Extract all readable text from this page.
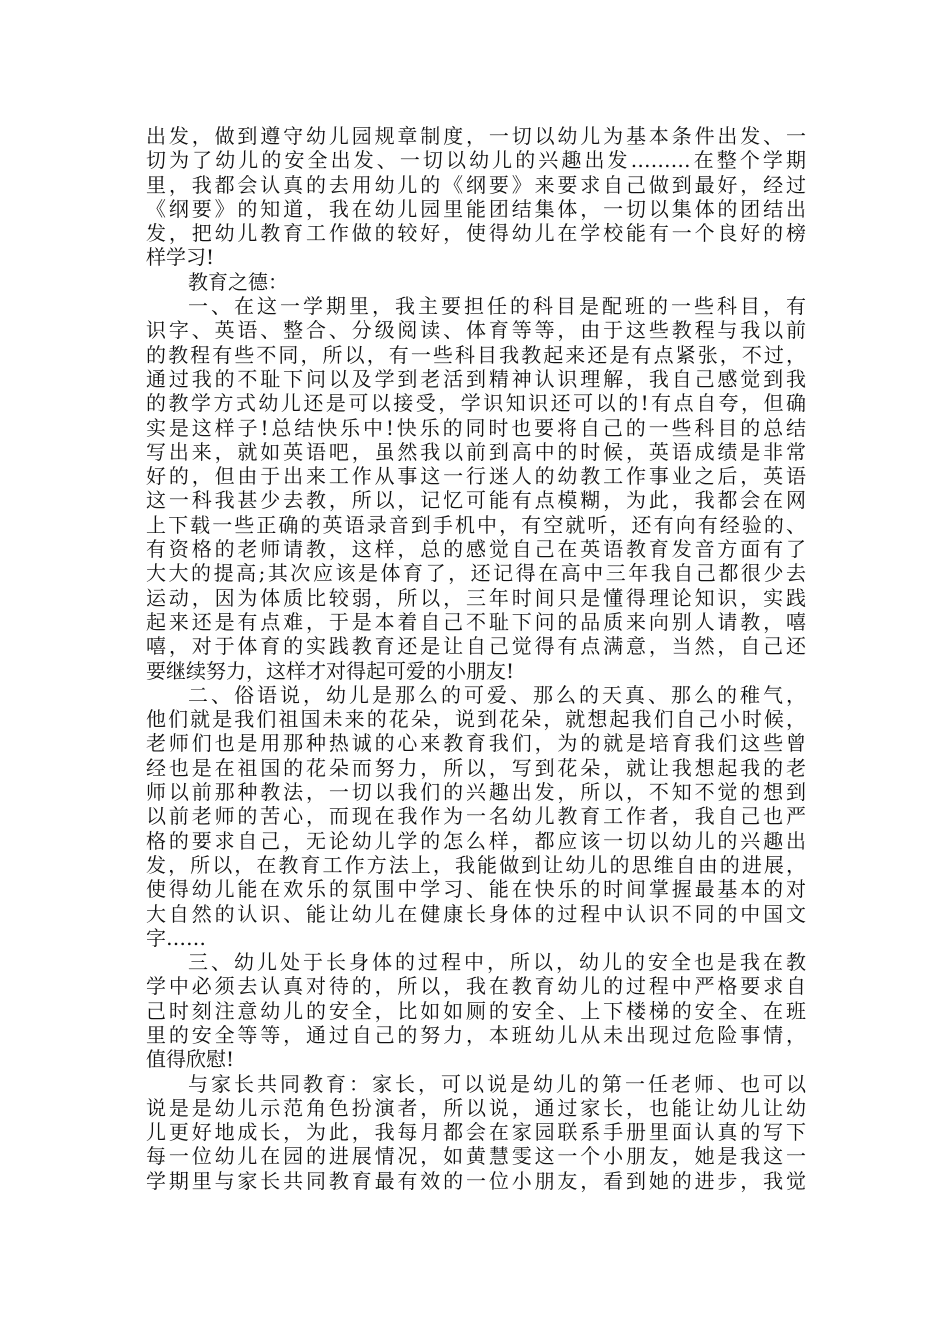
出发，做到遵守幼儿园规章制度，一切以幼儿为基本条件出发、一
切为了幼儿的安全出发、一切以幼儿的兴趣出发………在整个学期
里，我都会认真的去用幼儿的《纲要》来要求自己做到最好，经过
《纲要》的知道，我在幼儿园里能团结集体，一切以集体的团结出
发，把幼儿教育工作做的较好，使得幼儿在学校能有一个良好的榜
样学习!
教育之德：
一、在这一学期里，我主要担任的科目是配班的一些科目，有
识字、英语、整合、分级阅读、体育等等，由于这些教程与我以前
的教程有些不同，所以，有一些科目我教起来还是有点紧张，不过，
通过我的不耻下问以及学到老活到精神认识理解，我自己感觉到我
的教学方式幼儿还是可以接受，学识知识还可以的!有点自夸，但确
实是这样子!总结快乐中!快乐的同时也要将自己的一些科目的总结
写出来，就如英语吧，虽然我以前到高中的时候，英语成绩是非常
好的，但由于出来工作从事这一行迷人的幼教工作事业之后，英语
这一科我甚少去教，所以，记忆可能有点模糊，为此，我都会在网
上下载一些正确的英语录音到手机中，有空就听，还有向有经验的、
有资格的老师请教，这样，总的感觉自己在英语教育发音方面有了
大大的提高;其次应该是体育了，还记得在高中三年我自己都很少去
运动，因为体质比较弱，所以，三年时间只是懂得理论知识，实践
起来还是有点难，于是本着自己不耻下问的品质来向别人请教，嘻
嘻，对于体育的实践教育还是让自己觉得有点满意，当然，自己还
要继续努力，这样才对得起可爱的小朋友!
二、俗语说，幼儿是那么的可爱、那么的天真、那么的稚气，
他们就是我们祖国未来的花朵，说到花朵，就想起我们自己小时候，
老师们也是用那种热诚的心来教育我们，为的就是培育我们这些曾
经也是在祖国的花朵而努力，所以，写到花朵，就让我想起我的老
师以前那种教法，一切以我们的兴趣出发，所以，不知不觉的想到
以前老师的苦心，而现在我作为一名幼儿教育工作者，我自己也严
格的要求自己，无论幼儿学的怎么样，都应该一切以幼儿的兴趣出
发，所以，在教育工作方法上，我能做到让幼儿的思维自由的进展，
使得幼儿能在欢乐的氛围中学习、能在快乐的时间掌握最基本的对
大自然的认识、能让幼儿在健康长身体的过程中认识不同的中国文
字……
三、幼儿处于长身体的过程中，所以，幼儿的安全也是我在教
学中必须去认真对待的，所以，我在教育幼儿的过程中严格要求自
己时刻注意幼儿的安全，比如如厕的安全、上下楼梯的安全、在班
里的安全等等，通过自己的努力，本班幼儿从未出现过危险事情，
值得欣慰!
与家长共同教育：家长，可以说是幼儿的第一任老师、也可以
说是是幼儿示范角色扮演者，所以说，通过家长，也能让幼儿让幼
儿更好地成长，为此，我每月都会在家园联系手册里面认真的写下
每一位幼儿在园的进展情况，如黄慧雯这一个小朋友，她是我这一
学期里与家长共同教育最有效的一位小朋友，看到她的进步，我觉
